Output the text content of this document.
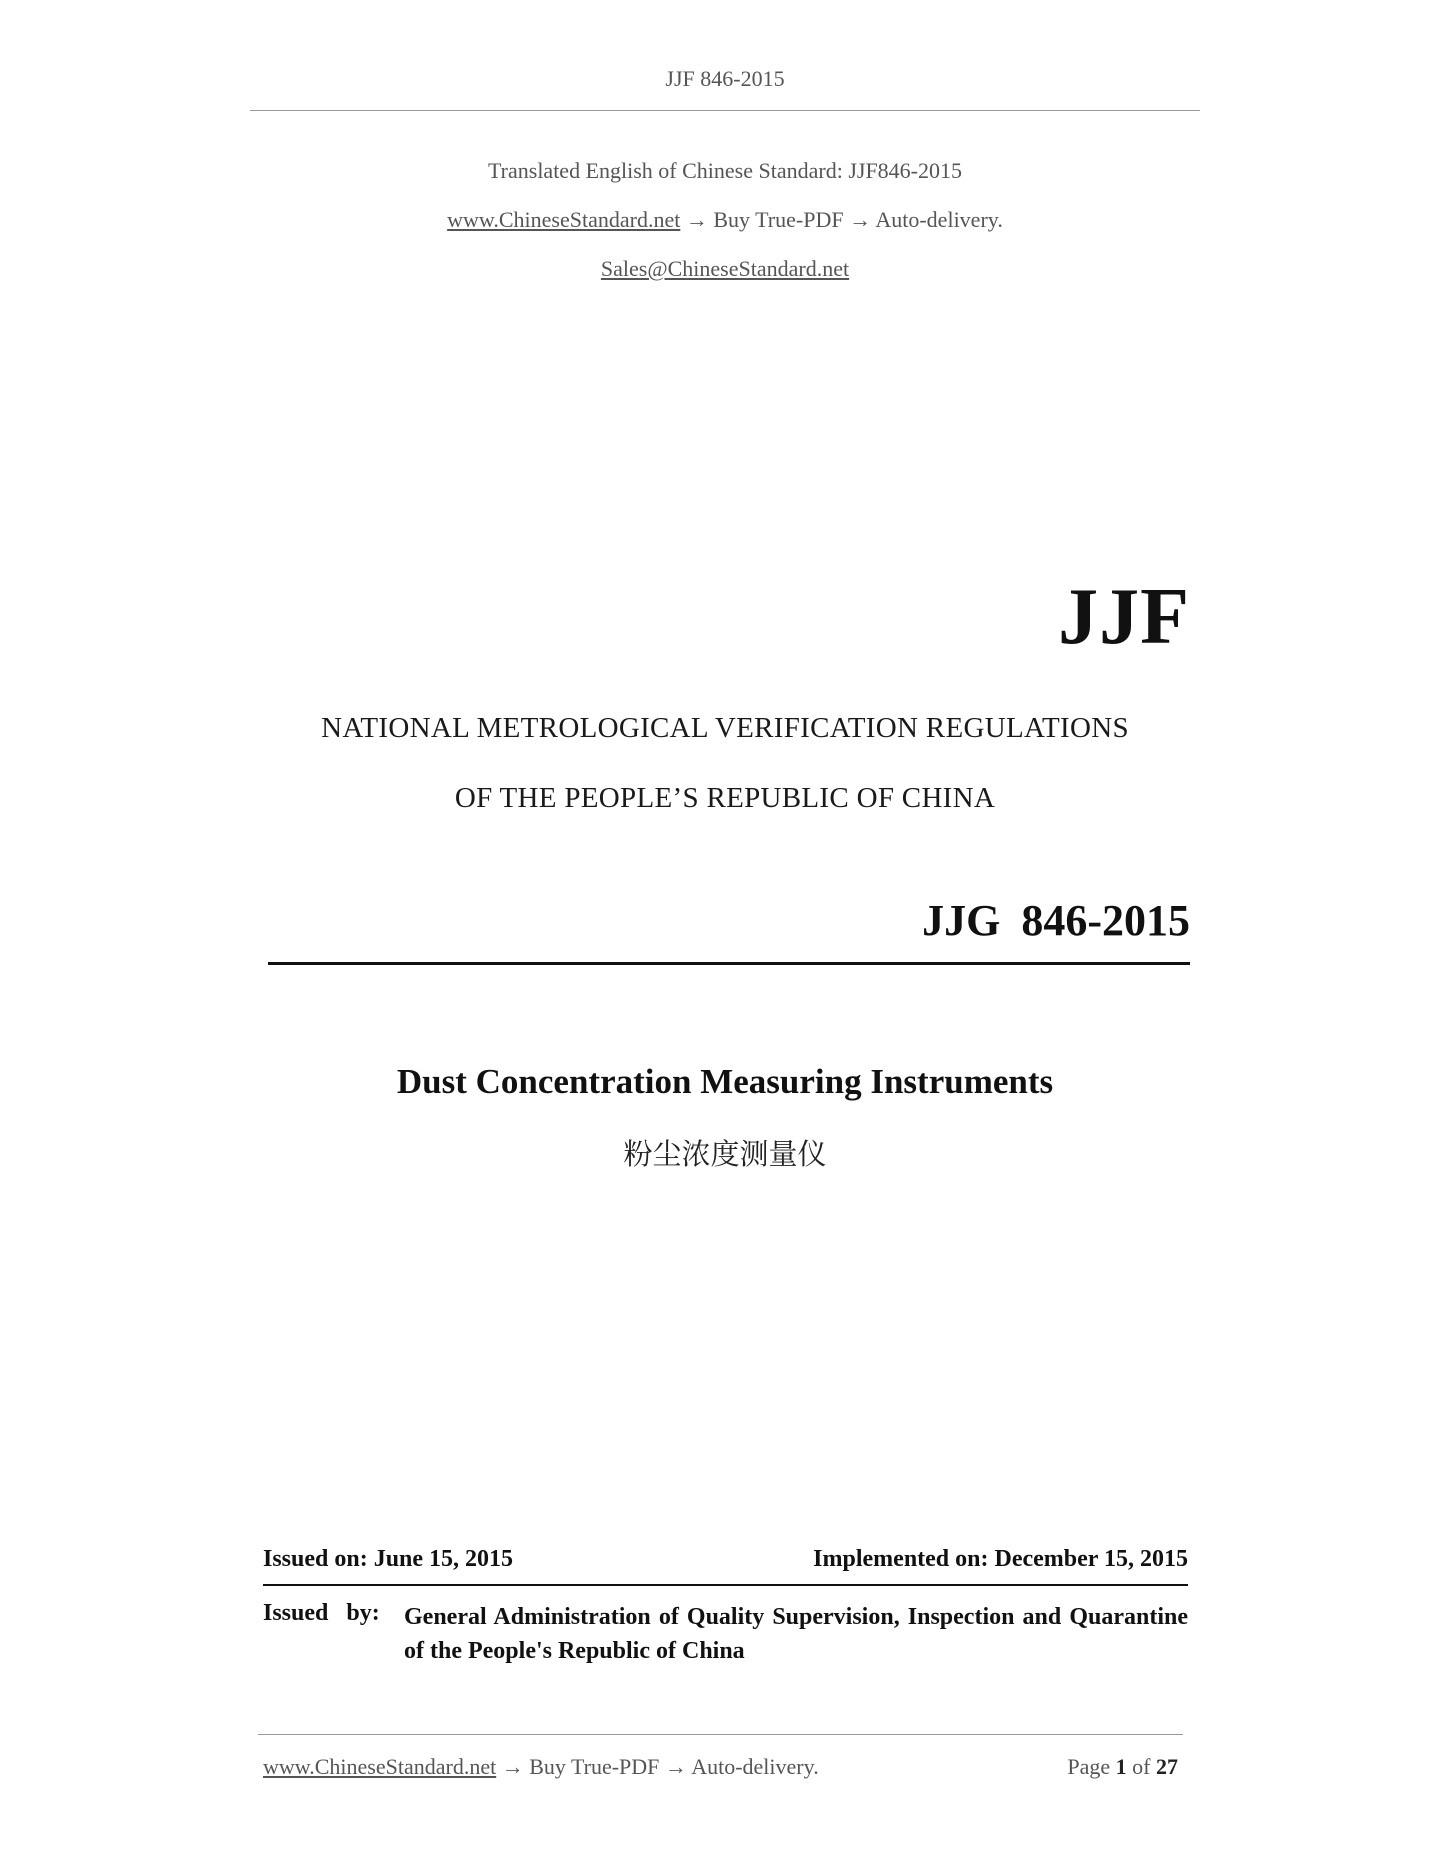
JJF 846-2015
Translated English of Chinese Standard: JJF846-2015
www.ChineseStandard.net → Buy True-PDF → Auto-delivery.
Sales@ChineseStandard.net
JJF
NATIONAL METROLOGICAL VERIFICATION REGULATIONS
OF THE PEOPLE’S REPUBLIC OF CHINA
JJG 846-2015
Dust Concentration Measuring Instruments
粉尘浓度测量仪
Issued on: June 15, 2015	Implemented on: December 15, 2015
Issued by: General Administration of Quality Supervision, Inspection and Quarantine of the People's Republic of China
www.ChineseStandard.net → Buy True-PDF → Auto-delivery.	Page 1 of 27
